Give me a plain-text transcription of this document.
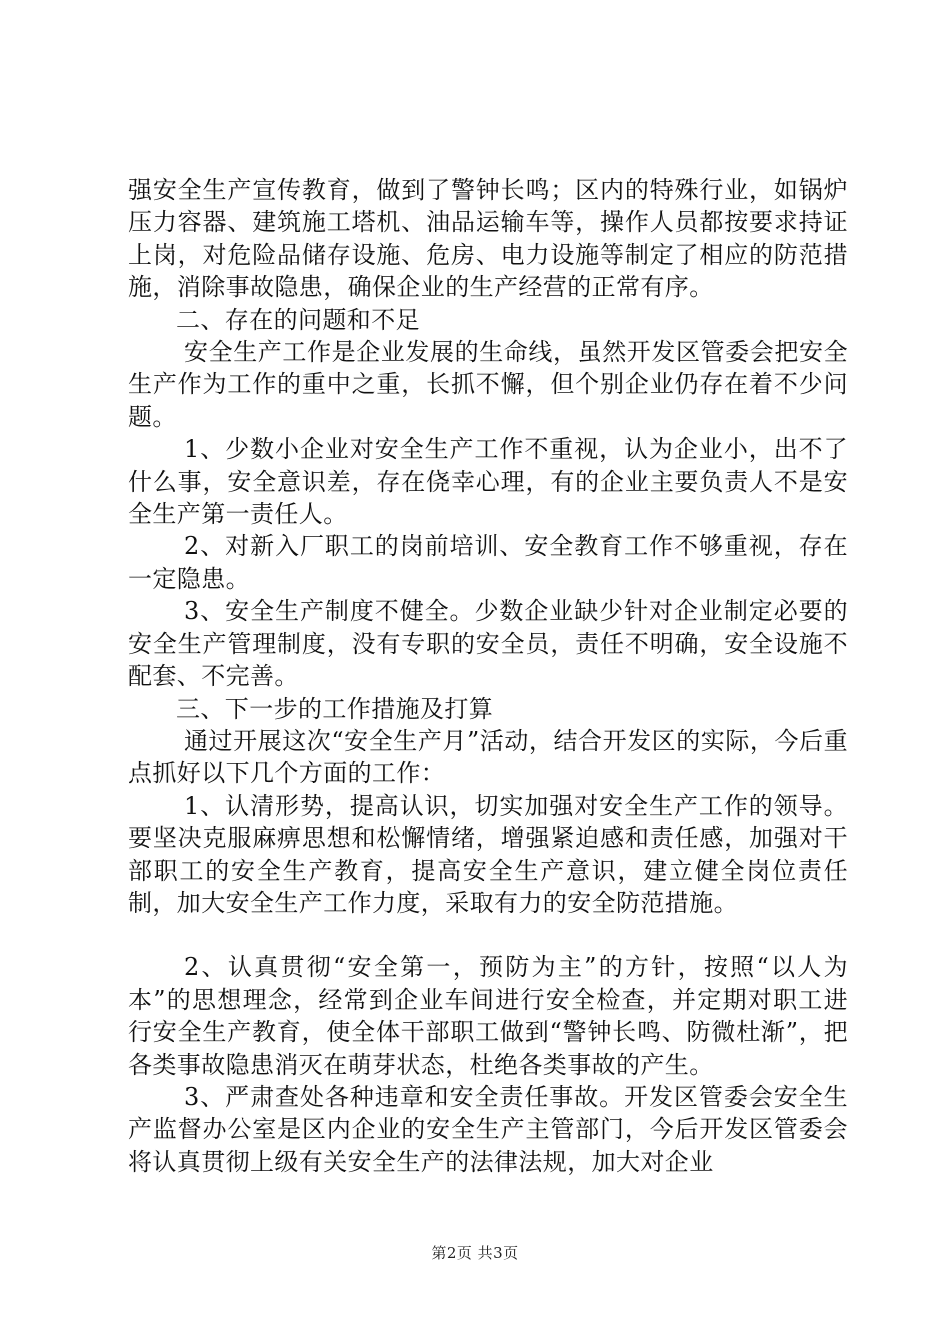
强安全生产宣传教育，做到了警钟长鸣；区内的特殊行业，如锅炉压力容器、建筑施工塔机、油品运输车等，操作人员都按要求持证上岗，对危险品储存设施、危房、电力设施等制定了相应的防范措施，消除事故隐患，确保企业的生产经营的正常有序。

二、存在的问题和不足

安全生产工作是企业发展的生命线，虽然开发区管委会把安全生产作为工作的重中之重，长抓不懈，但个别企业仍存在着不少问题。

1、少数小企业对安全生产工作不重视，认为企业小，出不了什么事，安全意识差，存在侥幸心理，有的企业主要负责人不是安全生产第一责任人。

2、对新入厂职工的岗前培训、安全教育工作不够重视，存在一定隐患。

3、安全生产制度不健全。少数企业缺少针对企业制定必要的安全生产管理制度，没有专职的安全员，责任不明确，安全设施不配套、不完善。

三、下一步的工作措施及打算

通过开展这次“安全生产月”活动，结合开发区的实际，今后重点抓好以下几个方面的工作：

1、认清形势，提高认识，切实加强对安全生产工作的领导。要坚决克服麻痹思想和松懈情绪，增强紧迫感和责任感，加强对干部职工的安全生产教育，提高安全生产意识，建立健全岗位责任制，加大安全生产工作力度，采取有力的安全防范措施。

2、认真贯彻“安全第一，预防为主”的方针，按照“以人为本”的思想理念，经常到企业车间进行安全检查，并定期对职工进行安全生产教育，使全体干部职工做到“警钟长鸣、防微杜渐”，把各类事故隐患消灭在萌芽状态，杜绝各类事故的产生。

3、严肃查处各种违章和安全责任事故。开发区管委会安全生产监督办公室是区内企业的安全生产主管部门，今后开发区管委会将认真贯彻上级有关安全生产的法律法规，加大对企业

第2页 共3页
